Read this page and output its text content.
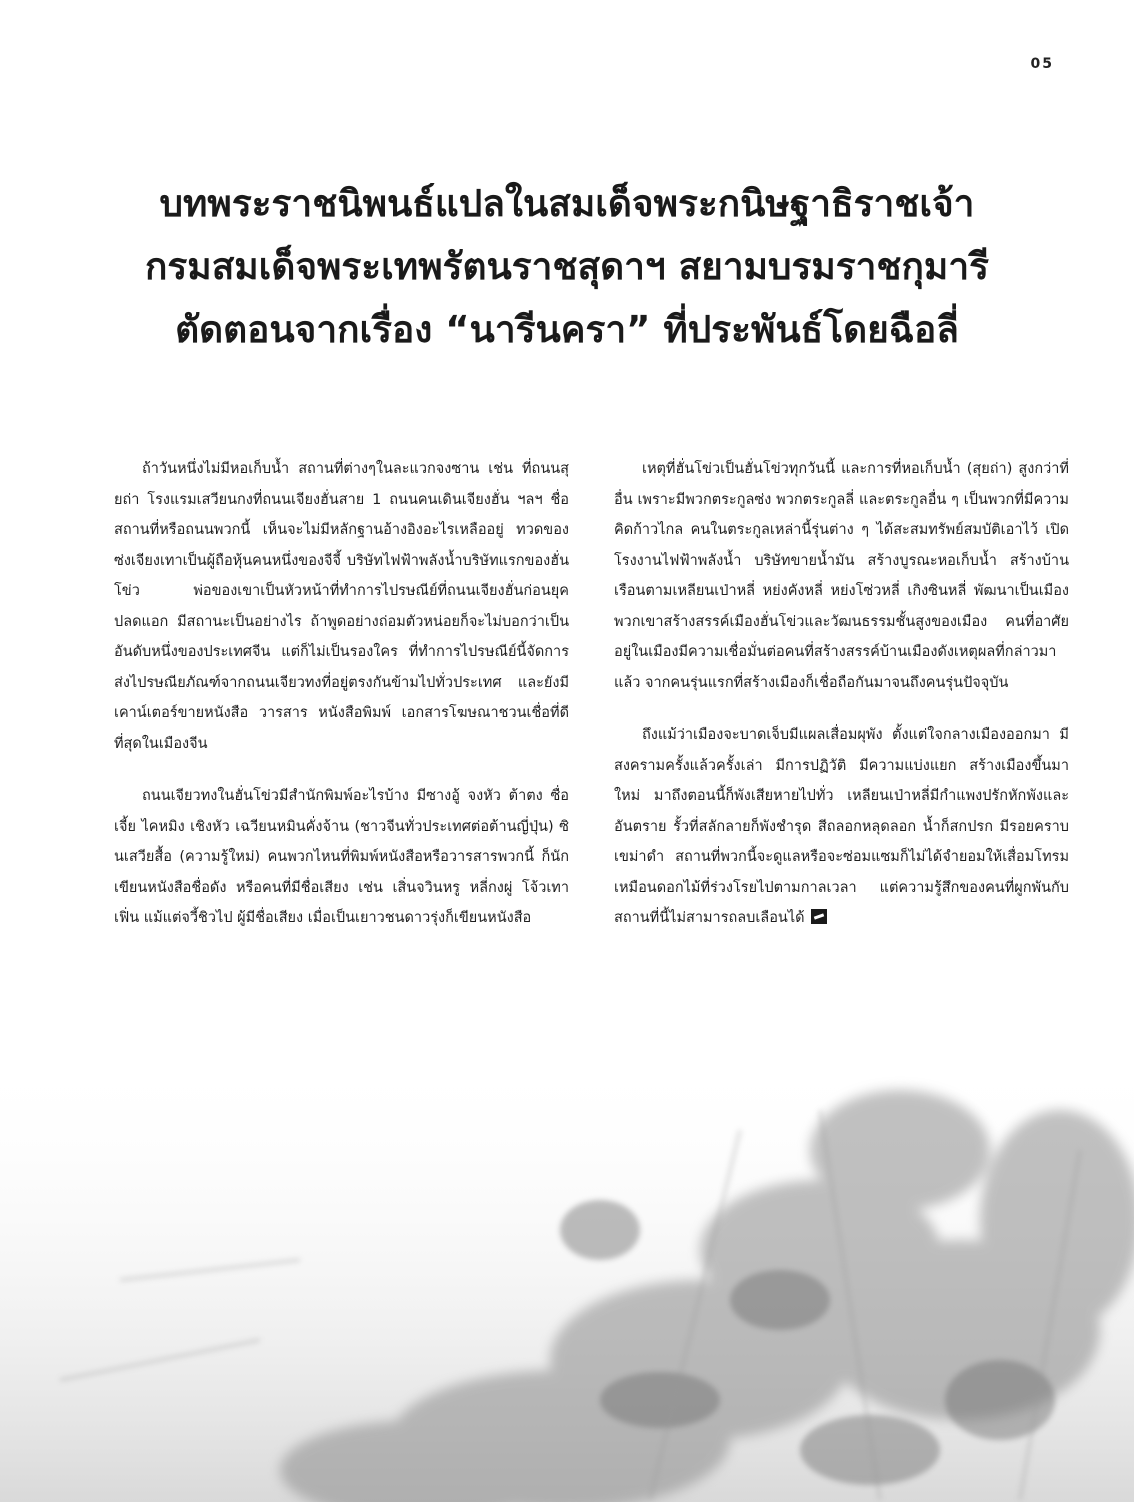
05
บทพระราชนิพนธ์แปลในสมเด็จพระกนิษฐาธิราชเจ้า
กรมสมเด็จพระเทพรัตนราชสุดาฯ สยามบรมราชกุมารี
ตัดตอนจากเรื่อง “นารีนครา” ที่ประพันธ์โดยฉือลี่

ถ้าวันหนึ่งไม่มีหอเก็บน้ำ สถานที่ต่างๆในละแวกจงซาน เช่น ที่ถนนสุยถ่า โรงแรมเสวียนกงที่ถนนเจียงฮั่นสาย 1 ถนนคนเดินเจียงฮั่น ฯลฯ ชื่อสถานที่หรือถนนพวกนี้ เห็นจะไม่มีหลักฐานอ้างอิงอะไรเหลืออยู่ ทวดของซ่งเจียงเทาเป็นผู้ถือหุ้นคนหนึ่งของจีจี้ บริษัทไฟฟ้าพลังน้ำบริษัทแรกของฮั่นโข่ว พ่อของเขาเป็นหัวหน้าที่ทำการไปรษณีย์ที่ถนนเจียงฮั่นก่อนยุคปลดแอก มีสถานะเป็นอย่างไร ถ้าพูดอย่างถ่อมตัวหน่อยก็จะไม่บอกว่าเป็นอันดับหนึ่งของประเทศจีน แต่ก็ไม่เป็นรองใคร ที่ทำการไปรษณีย์นี้จัดการส่งไปรษณียภัณฑ์จากถนนเจียวทงที่อยู่ตรงกันข้ามไปทั่วประเทศ และยังมีเคาน์เตอร์ขายหนังสือ วารสาร หนังสือพิมพ์ เอกสารโฆษณาชวนเชื่อที่ดีที่สุดในเมืองจีน

ถนนเจียวทงในฮั่นโข่วมีสำนักพิมพ์อะไรบ้าง มีซางอู้ จงหัว ต้าตง ซื่อเจี้ย ไคหมิง เชิงหัว เฉวียนหมินคั่งจ้าน (ชาวจีนทั่วประเทศต่อต้านญี่ปุ่น) ซินเสวียสื้อ (ความรู้ใหม่) คนพวกไหนที่พิมพ์หนังสือหรือวารสารพวกนี้ ก็นักเขียนหนังสือชื่อดัง หรือคนที่มีชื่อเสียง เช่น เสิ่นจวินหรู หลี่กงผู่ โจ้วเทาเฟิ่น แม้แต่จวี้ชิวไป ผู้มีชื่อเสียง เมื่อเป็นเยาวชนดาวรุ่งก็เขียนหนังสือ

เหตุที่ฮั่นโข่วเป็นฮั่นโข่วทุกวันนี้ และการที่หอเก็บน้ำ (สุยถ่า) สูงกว่าที่อื่น เพราะมีพวกตระกูลซ่ง พวกตระกูลลี่ และตระกูลอื่น ๆ เป็นพวกที่มีความคิดก้าวไกล คนในตระกูลเหล่านี้รุ่นต่าง ๆ ได้สะสมทรัพย์สมบัติเอาไว้ เปิดโรงงานไฟฟ้าพลังน้ำ บริษัทขายน้ำมัน สร้างบูรณะหอเก็บน้ำ สร้างบ้านเรือนตามเหลียนเป่าหลี่ หย่งคังหลี่ หย่งโซ่วหลี่ เกิงซินหลี่ พัฒนาเป็นเมือง พวกเขาสร้างสรรค์เมืองฮั่นโข่วและวัฒนธรรมชั้นสูงของเมือง คนที่อาศัยอยู่ในเมืองมีความเชื่อมั่นต่อคนที่สร้างสรรค์บ้านเมืองดังเหตุผลที่กล่าวมาแล้ว จากคนรุ่นแรกที่สร้างเมืองก็เชื่อถือกันมาจนถึงคนรุ่นปัจจุบัน

ถึงแม้ว่าเมืองจะบาดเจ็บมีแผลเสื่อมผุพัง ตั้งแต่ใจกลางเมืองออกมา มีสงครามครั้งแล้วครั้งเล่า มีการปฏิวัติ มีความแบ่งแยก สร้างเมืองขึ้นมาใหม่ มาถึงตอนนี้ก็พังเสียหายไปทั่ว เหลียนเป่าหลี่มีกำแพงปรักหักพังและอันตราย รั้วที่สลักลายก็พังชำรุด สีถลอกหลุดลอก น้ำก็สกปรก มีรอยคราบเขม่าดำ สถานที่พวกนี้จะดูแลหรือจะซ่อมแซมก็ไม่ได้จำยอมให้เสื่อมโทรมเหมือนดอกไม้ที่ร่วงโรยไปตามกาลเวลา แต่ความรู้สึกของคนที่ผูกพันกับสถานที่นี้ไม่สามารถลบเลือนได้
